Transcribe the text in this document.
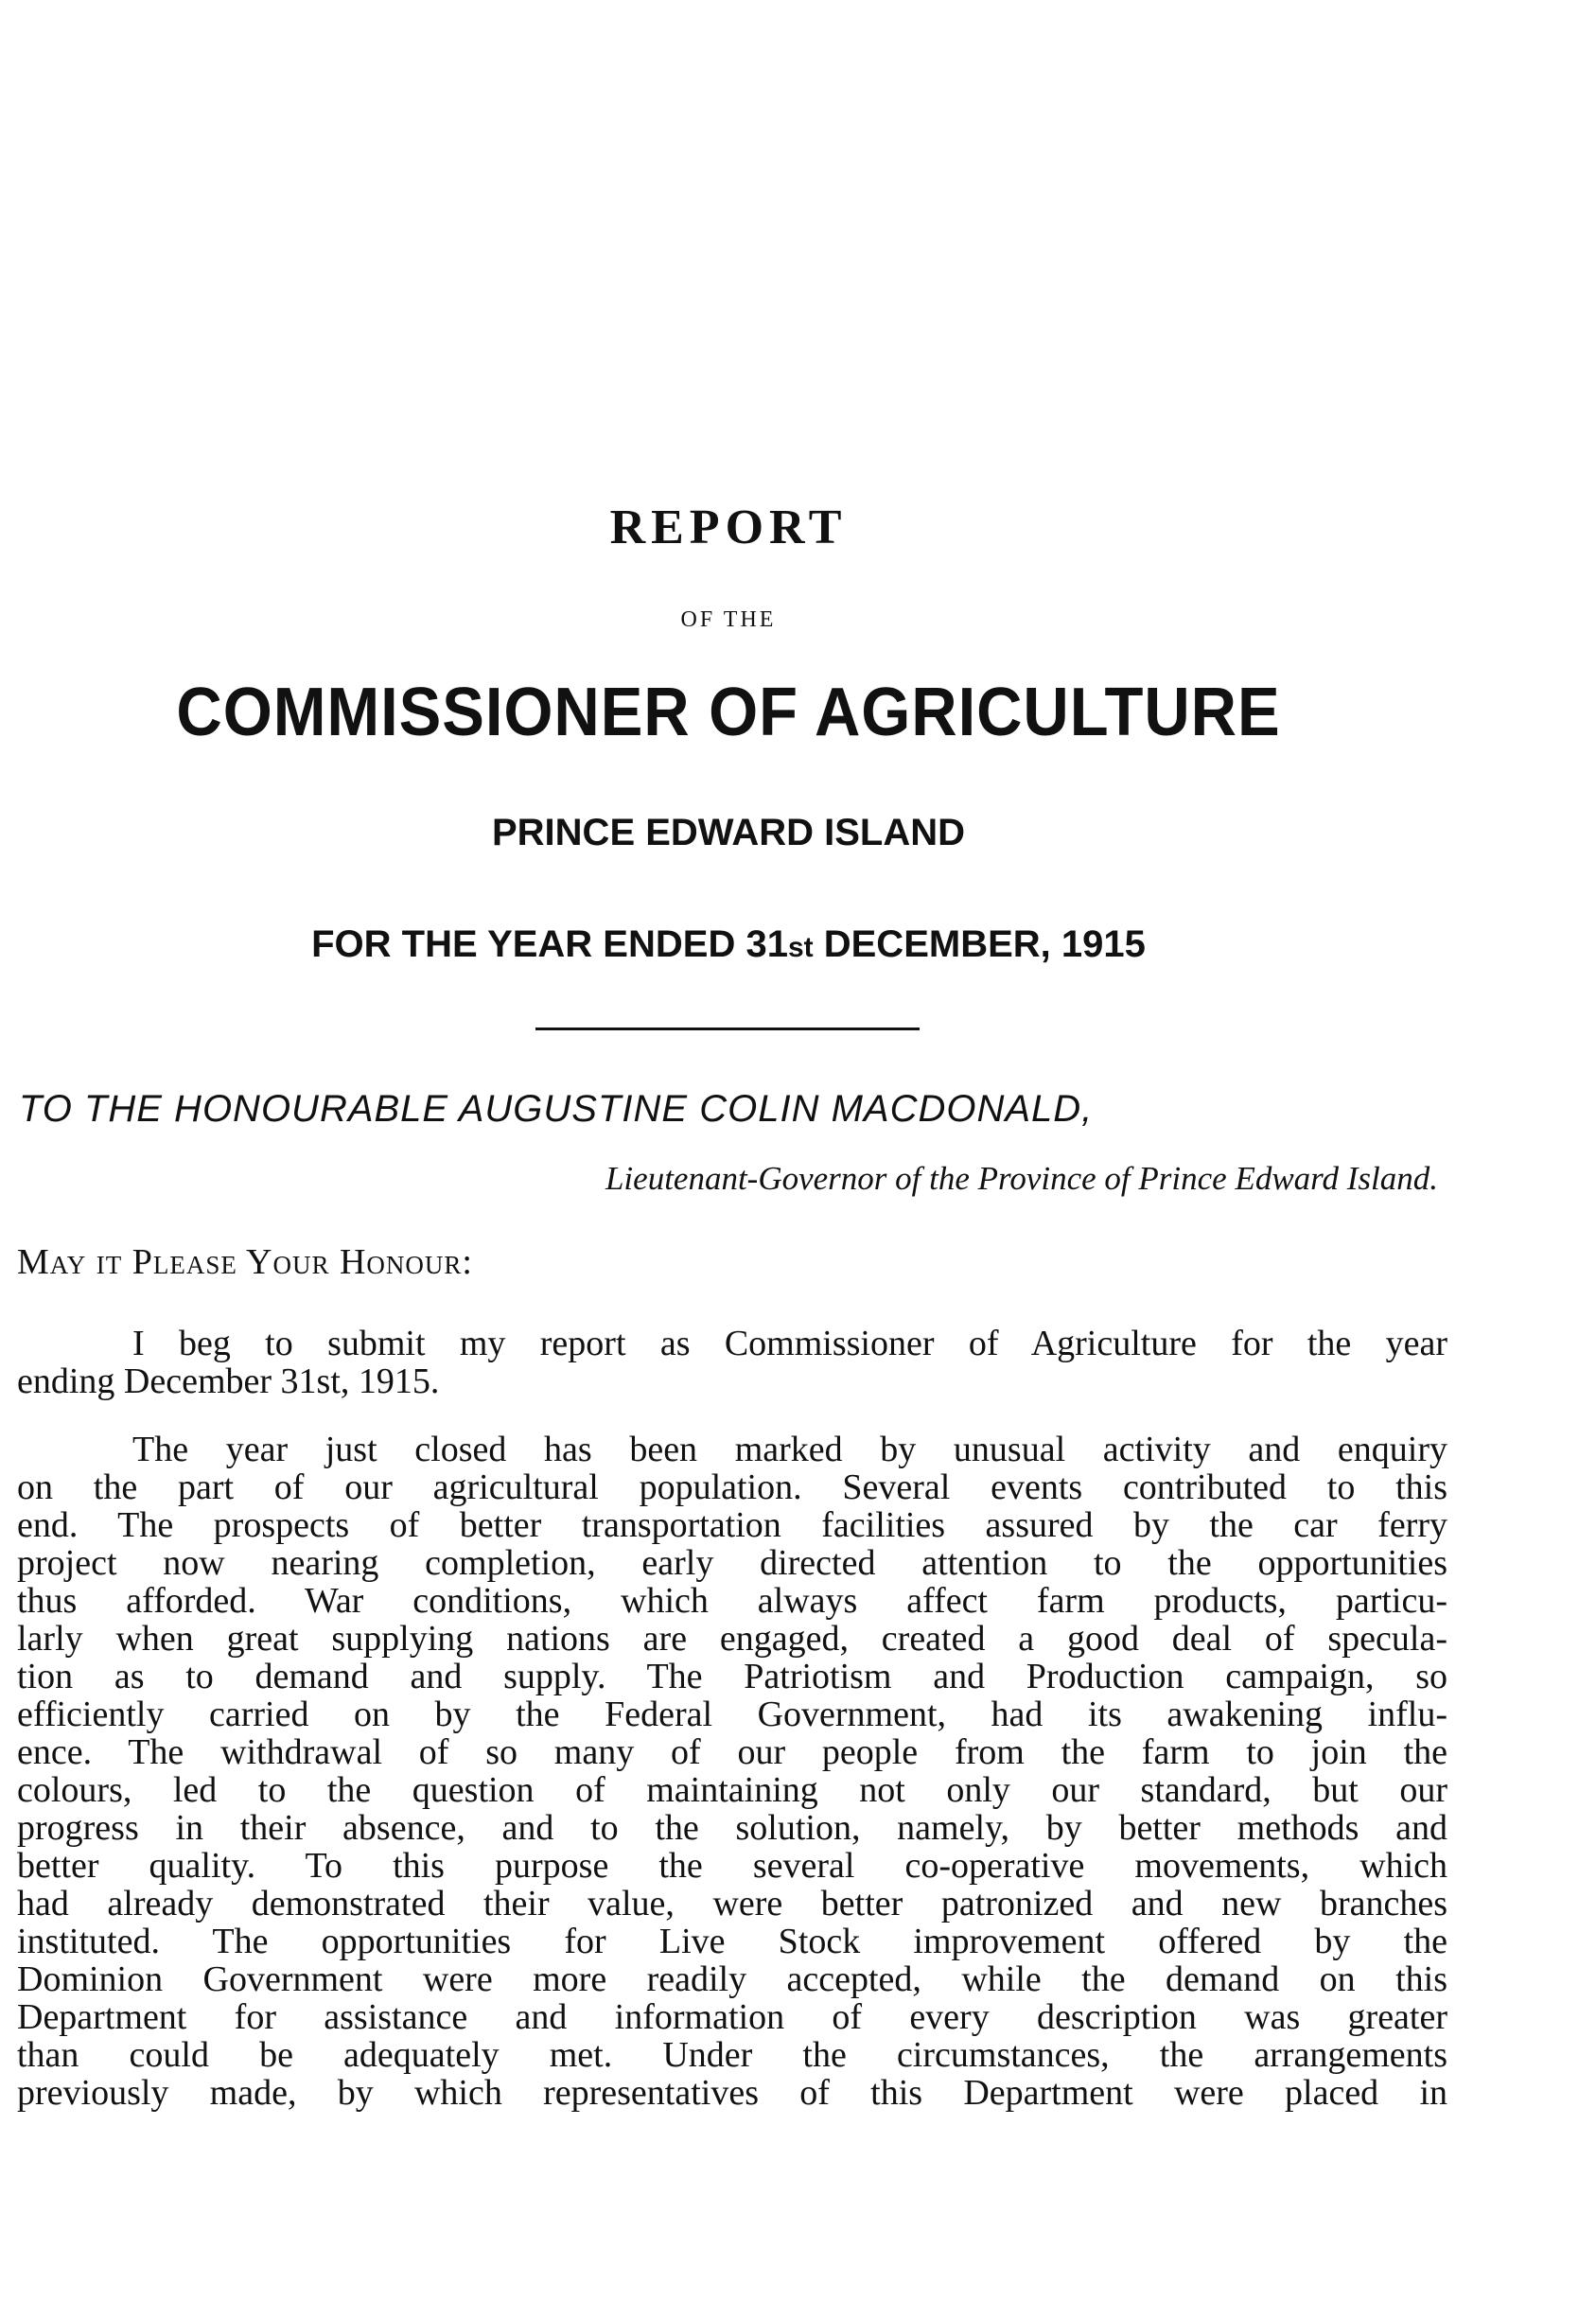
REPORT
OF THE
COMMISSIONER OF AGRICULTURE
PRINCE EDWARD ISLAND
FOR THE YEAR ENDED 31st DECEMBER, 1915
TO THE HONOURABLE AUGUSTINE COLIN MACDONALD,
Lieutenant-Governor of the Province of Prince Edward Island.
May it Please Your Honour:
I beg to submit my report as Commissioner of Agriculture for the year
ending December 31st, 1915.
The year just closed has been marked by unusual activity and enquiry
on the part of our agricultural population. Several events contributed to this
end. The prospects of better transportation facilities assured by the car ferry
project now nearing completion, early directed attention to the opportunities
thus afforded. War conditions, which always affect farm products, particu-
larly when great supplying nations are engaged, created a good deal of specula-
tion as to demand and supply. The Patriotism and Production campaign, so
efficiently carried on by the Federal Government, had its awakening influ-
ence. The withdrawal of so many of our people from the farm to join the
colours, led to the question of maintaining not only our standard, but our
progress in their absence, and to the solution, namely, by better methods and
better quality. To this purpose the several co-operative movements, which
had already demonstrated their value, were better patronized and new branches
instituted. The opportunities for Live Stock improvement offered by the
Dominion Government were more readily accepted, while the demand on this
Department for assistance and information of every description was greater
than could be adequately met. Under the circumstances, the arrangements
previously made, by which representatives of this Department were placed in
